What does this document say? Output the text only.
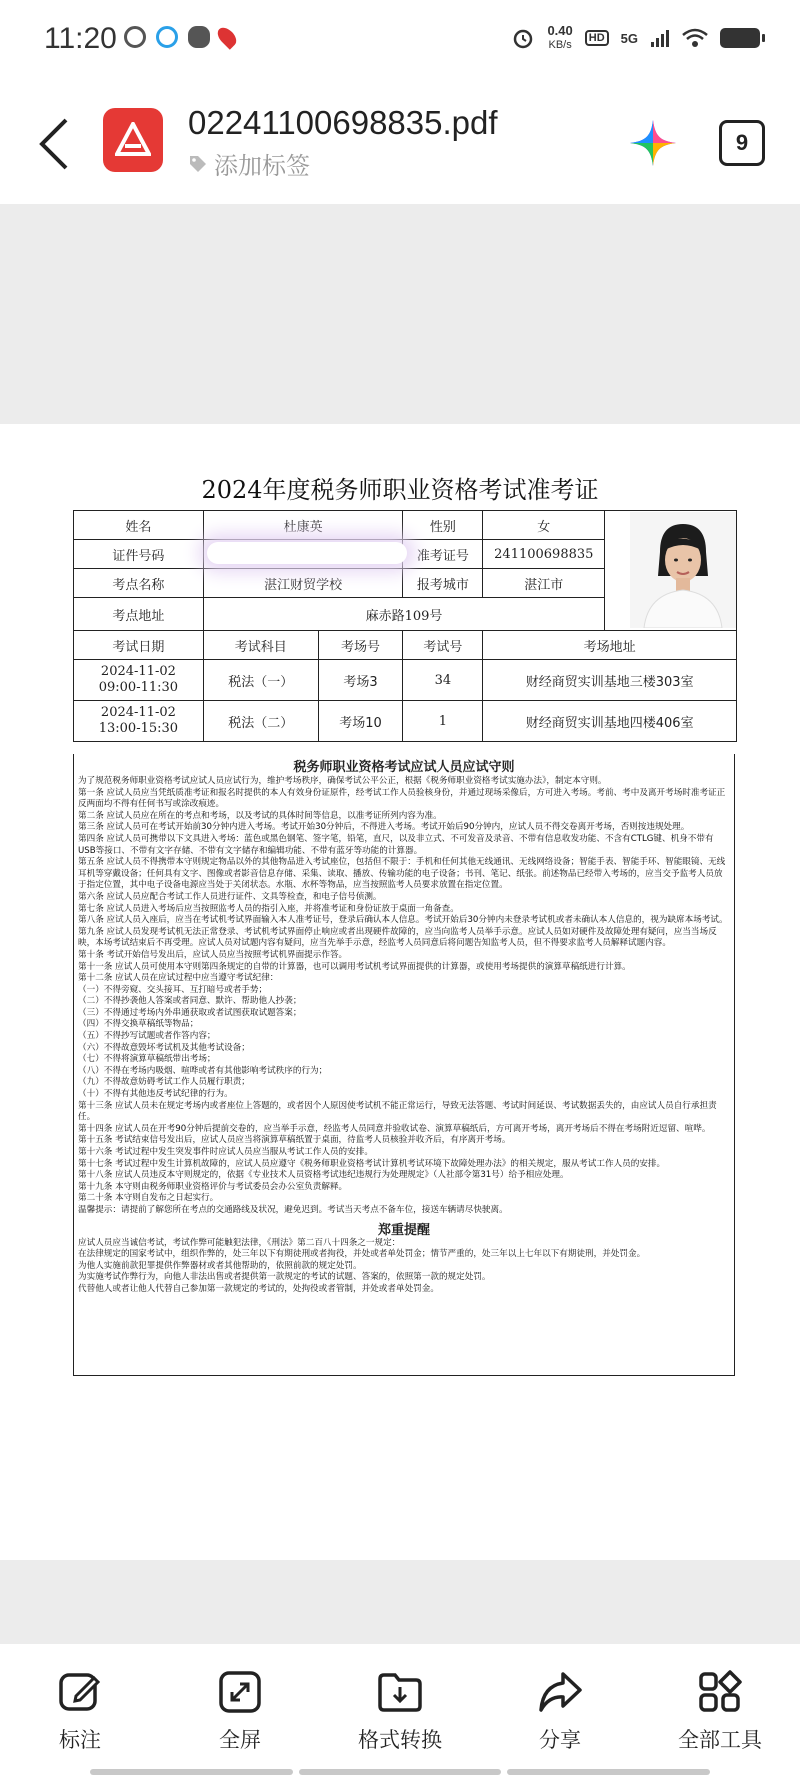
11:20	0.40
KB/s
HD	5G
02241100698835.pdf
添加标签
9
2024年度税务师职业资格考试准考证
姓名	杜康英		性别	女	
证件号码			准考证号	241100698835	
考点名称	湛江财贸学校		报考城市	湛江市	
考点地址	麻赤路109号				
考试日期	考试科目	考场号	考试号	考场地址	

2024-11-02
09:00-11:30	税法（一）	考场3	34	财经商贸实训基地三楼303室	

2024-11-02
13:00-15:30	税法（二）	考场10	1	财经商贸实训基地四楼406室	
税务师职业资格考试应试人员应试守则

为了规范税务师职业资格考试应试人员应试行为，维护考场秩序，确保考试公平公正，根据《税务师职业资格考试实施办法》，制定本守则。

第一条 应试人员应当凭纸质准考证和报名时提供的本人有效身份证原件，经考试工作人员验核身份，并通过现场采像后，方可进入考场。考前、考中及离开考场时准考证正反两面均不得有任何书写或涂改痕迹。

第二条 应试人员应在所在的考点和考场，以及考试的具体时间等信息，以准考证所列内容为准。

第三条 应试人员可在考试开始前30分钟内进入考场。考试开始30分钟后，不得进入考场。考试开始后90分钟内，应试人员不得交卷离开考场，否则按违规处理。

第四条 应试人员可携带以下文具进入考场：蓝色或黑色钢笔、签字笔，铅笔，直尺，以及非立式、不可发音及录音、不带有信息收发功能、不含有CTLG键、机身不带有USB等接口、不带有文字存储、不带有文字储存和编辑功能、不带有蓝牙等功能的计算器。

第五条 应试人员不得携带本守则规定物品以外的其他物品进入考试座位，包括但不限于：手机和任何其他无线通讯、无线网络设备；智能手表、智能手环、智能眼镜、无线耳机等穿戴设备；任何具有文字、图像或者影音信息存储、采集、读取、播放、传输功能的电子设备；书刊、笔记、纸张。前述物品已经带入考场的，应当交予监考人员放于指定位置，其中电子设备电源应当处于关闭状态。水瓶、水杯等物品，应当按照监考人员要求放置在指定位置。

第六条 应试人员应配合考试工作人员进行证件、文具等检查，和电子信号侦测。

第七条 应试人员进入考场后应当按照监考人员的指引入座，并将准考证和身份证放于桌面一角备查。

第八条 应试人员入座后，应当在考试机考试界面输入本人准考证号，登录后确认本人信息。考试开始后30分钟内未登录考试机或者未确认本人信息的，视为缺席本场考试。

第九条 应试人员发现考试机无法正常登录、考试机考试界面停止响应或者出现硬件故障的，应当向监考人员举手示意。应试人员如对硬件及故障处理有疑问，应当当场反映，本场考试结束后不再受理。应试人员对试题内容有疑问，应当先举手示意，经监考人员同意后将问题告知监考人员，但不得要求监考人员解释试题内容。

第十条 考试开始信号发出后，应试人员应当按照考试机界面提示作答。

第十一条 应试人员可使用本守则第四条规定的自带的计算器，也可以调用考试机考试界面提供的计算器，或使用考场提供的演算草稿纸进行计算。

第十二条 应试人员在应试过程中应当遵守考试纪律：

（一）不得旁窥、交头接耳、互打暗号或者手势；

（二）不得抄袭他人答案或者同意、默许、帮助他人抄袭；

（三）不得通过考场内外串通获取或者试图获取试题答案；

（四）不得交换草稿纸等物品；

（五）不得抄写试题或者作答内容；

（六）不得故意毁坏考试机及其他考试设备；

（七）不得将演算草稿纸带出考场；

（八）不得在考场内吸烟、喧哗或者有其他影响考试秩序的行为；

（九）不得故意妨碍考试工作人员履行职责；

（十）不得有其他违反考试纪律的行为。

第十三条 应试人员未在规定考场内或者座位上答题的，或者因个人原因使考试机不能正常运行，导致无法答题、考试时间延误、考试数据丢失的，由应试人员自行承担责任。

第十四条 应试人员在开考90分钟后提前交卷的，应当举手示意，经监考人员同意并验收试卷、演算草稿纸后，方可离开考场，离开考场后不得在考场附近逗留、喧哗。

第十五条 考试结束信号发出后，应试人员应当将演算草稿纸置于桌面，待监考人员核验并收齐后，有序离开考场。

第十六条 考试过程中发生突发事件时应试人员应当服从考试工作人员的安排。

第十七条 考试过程中发生计算机故障的，应试人员应遵守《税务师职业资格考试计算机考试环境下故障处理办法》的相关规定，服从考试工作人员的安排。

第十八条 应试人员违反本守则规定的，依据《专业技术人员资格考试违纪违规行为处理规定》（人社部令第31号）给予相应处理。

第十九条 本守则由税务师职业资格评价与考试委员会办公室负责解释。

第二十条 本守则自发布之日起实行。

温馨提示：请提前了解您所在考点的交通路线及状况，避免迟到。考试当天考点不备车位，接送车辆请尽快驶离。

郑重提醒

应试人员应当诚信考试，考试作弊可能触犯法律，《刑法》第二百八十四条之一规定：

在法律规定的国家考试中，组织作弊的，处三年以下有期徒刑或者拘役，并处或者单处罚金；情节严重的，处三年以上七年以下有期徒刑，并处罚金。

为他人实施前款犯罪提供作弊器材或者其他帮助的，依照前款的规定处罚。

为实施考试作弊行为，向他人非法出售或者提供第一款规定的考试的试题、答案的，依照第一款的规定处罚。

代替他人或者让他人代替自己参加第一款规定的考试的，处拘役或者管制，并处或者单处罚金。

标注	全屏	格式转换	分享	全部工具
